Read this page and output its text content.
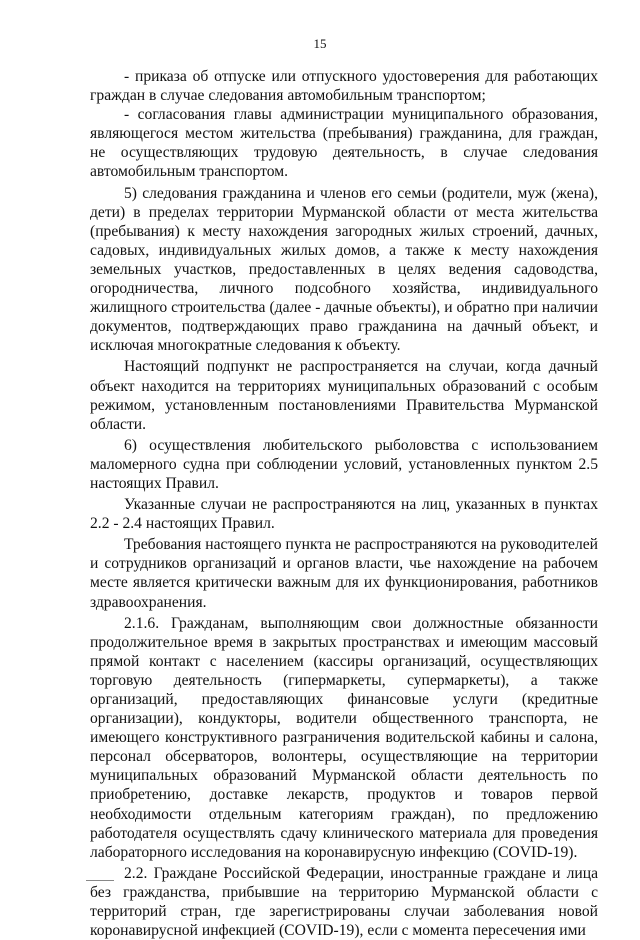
15

- приказа об отпуске или отпускного удостоверения для работающих граждан в случае следования автомобильным транспортом;

- согласования главы администрации муниципального образования, являющегося местом жительства (пребывания) гражданина, для граждан, не осуществляющих трудовую деятельность, в случае следования автомобильным транспортом.

5) следования гражданина и членов его семьи (родители, муж (жена), дети) в пределах территории Мурманской области от места жительства (пребывания) к месту нахождения загородных жилых строений, дачных, садовых, индивидуальных жилых домов, а также к месту нахождения земельных участков, предоставленных в целях ведения садоводства, огородничества, личного подсобного хозяйства, индивидуального жилищного строительства (далее - дачные объекты), и обратно при наличии документов, подтверждающих право гражданина на дачный объект, и исключая многократные следования к объекту.

Настоящий подпункт не распространяется на случаи, когда дачный объект находится на территориях муниципальных образований с особым режимом, установленным постановлениями Правительства Мурманской области.

6) осуществления любительского рыболовства с использованием маломерного судна при соблюдении условий, установленных пунктом 2.5 настоящих Правил.

Указанные случаи не распространяются на лиц, указанных в пунктах 2.2 - 2.4 настоящих Правил.

Требования настоящего пункта не распространяются на руководителей и сотрудников организаций и органов власти, чье нахождение на рабочем месте является критически важным для их функционирования, работников здравоохранения.

2.1.6. Гражданам, выполняющим свои должностные обязанности продолжительное время в закрытых пространствах и имеющим массовый прямой контакт с населением (кассиры организаций, осуществляющих торговую деятельность (гипермаркеты, супермаркеты), а также организаций, предоставляющих финансовые услуги (кредитные организации), кондукторы, водители общественного транспорта, не имеющего конструктивного разграничения водительской кабины и салона, персонал обсерваторов, волонтеры, осуществляющие на территории муниципальных образований Мурманской области деятельность по приобретению, доставке лекарств, продуктов и товаров первой необходимости отдельным категориям граждан), по предложению работодателя осуществлять сдачу клинического материала для проведения лабораторного исследования на коронавирусную инфекцию (COVID-19).

2.2. Граждане Российской Федерации, иностранные граждане и лица без гражданства, прибывшие на территорию Мурманской области с территорий стран, где зарегистрированы случаи заболевания новой коронавирусной инфекцией (COVID-19), если с момента пересечения ими
